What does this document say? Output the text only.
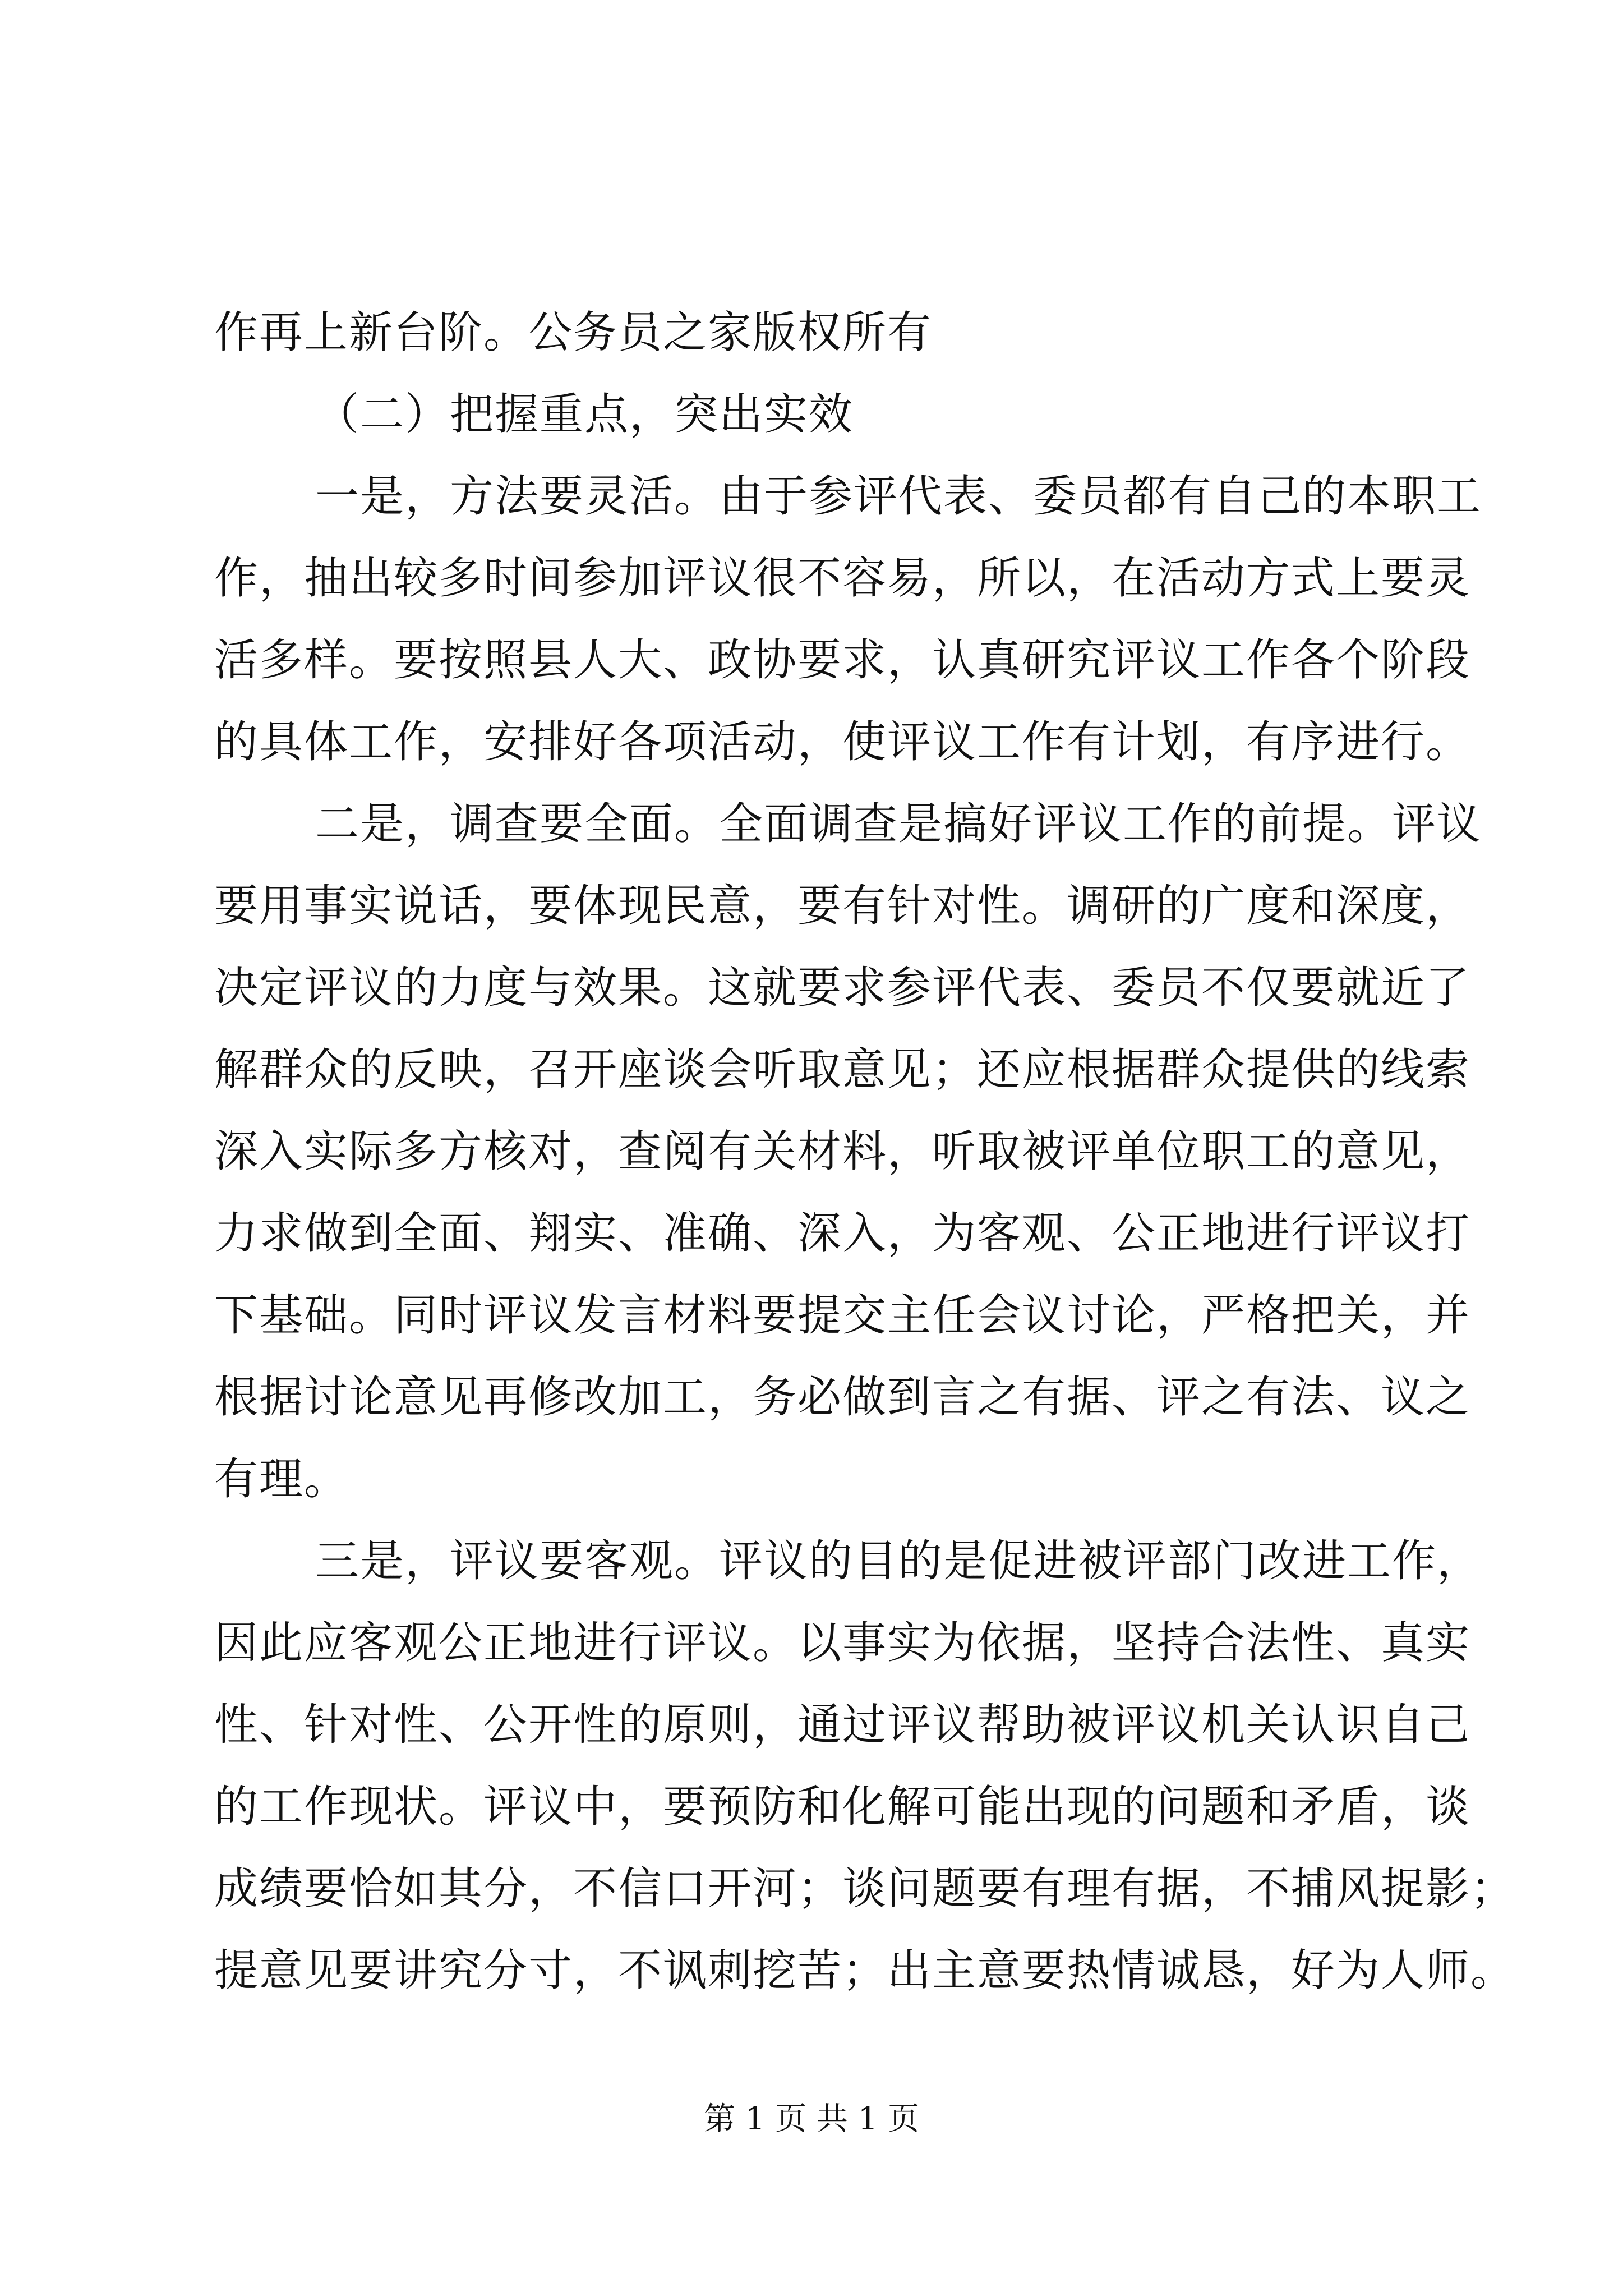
作再上新台阶。公务员之家版权所有
（二）把握重点，突出实效
一是，方法要灵活。由于参评代表、委员都有自己的本职工
作，抽出较多时间参加评议很不容易，所以，在活动方式上要灵
活多样。要按照县人大、政协要求，认真研究评议工作各个阶段
的具体工作，安排好各项活动，使评议工作有计划，有序进行。
二是，调查要全面。全面调查是搞好评议工作的前提。评议
要用事实说话，要体现民意，要有针对性。调研的广度和深度，
决定评议的力度与效果。这就要求参评代表、委员不仅要就近了
解群众的反映，召开座谈会听取意见；还应根据群众提供的线索
深入实际多方核对，查阅有关材料，听取被评单位职工的意见，
力求做到全面、翔实、准确、深入，为客观、公正地进行评议打
下基础。同时评议发言材料要提交主任会议讨论，严格把关，并
根据讨论意见再修改加工，务必做到言之有据、评之有法、议之
有理。
三是，评议要客观。评议的目的是促进被评部门改进工作，
因此应客观公正地进行评议。以事实为依据，坚持合法性、真实
性、针对性、公开性的原则，通过评议帮助被评议机关认识自己
的工作现状。评议中，要预防和化解可能出现的问题和矛盾，谈
成绩要恰如其分，不信口开河；谈问题要有理有据，不捕风捉影；
提意见要讲究分寸，不讽刺挖苦；出主意要热情诚恳，好为人师。
第 1 页 共 1 页
